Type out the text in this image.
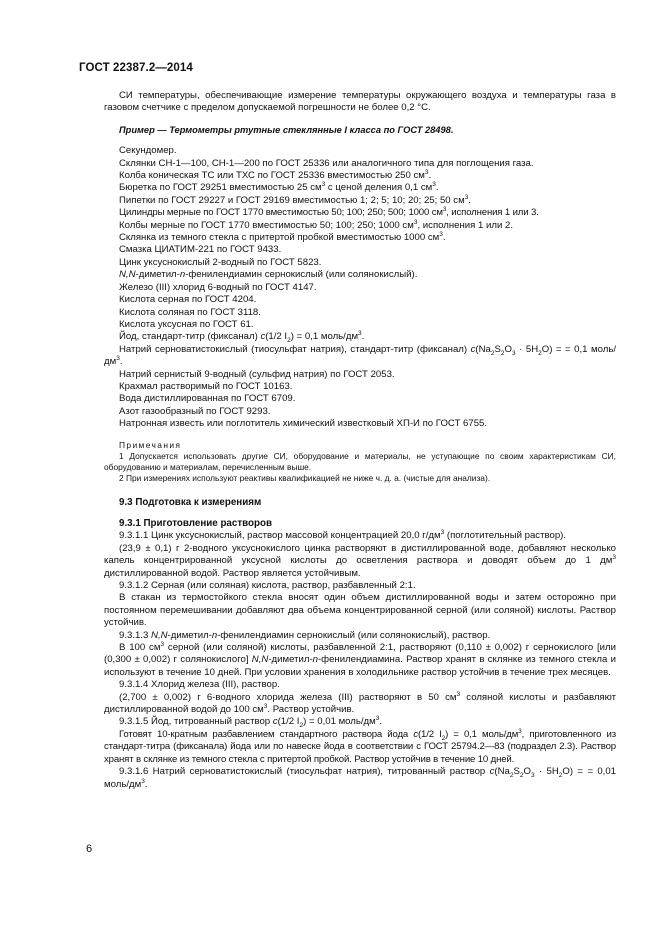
ГОСТ 22387.2—2014

СИ температуры, обеспечивающие измерение температуры окружающего воздуха и температуры газа в газовом счетчике с пределом допускаемой погрешности не более 0,2 °С.

Пример — Термометры ртутные стеклянные I класса по ГОСТ 28498.

Секундомер.

Склянки СН-1—100, СН-1—200 по ГОСТ 25336 или аналогичного типа для поглощения газа.

Колба коническая ТС или ТХС по ГОСТ 25336 вместимостью 250 $см^3$.

Бюретка по ГОСТ 29251 вместимостью 25 $см^3$ с ценой деления 0,1 $см^3$.

Пипетки по ГОСТ 29227 и ГОСТ 29169 вместимостью 1; 2; 5; 10; 20; 25; 50 $см^3$.

Цилиндры мерные по ГОСТ 1770 вместимостью 50; 100; 250; 500; 1000 $см^3$, исполнения 1 или 3.

Колбы мерные по ГОСТ 1770 вместимостью 50; 100; 250; 1000 $см^3$, исполнения 1 или 2.

Склянка из темного стекла с притертой пробкой вместимостью 1000 $см^3$.

Смазка ЦИАТИМ-221 по ГОСТ 9433.

Цинк уксуснокислый 2-водный по ГОСТ 5823.

N,N-диметил-n-фенилендиамин сернокислый (или солянокислый).

Железо (III) хлорид 6-водный по ГОСТ 4147.

Кислота серная по ГОСТ 4204.

Кислота соляная по ГОСТ 3118.

Кислота уксусная по ГОСТ 61.

Йод, стандарт-титр (фиксанал) c(1/2 $I_2) = 0,1$ моль/$дм^3$.

Натрий серноватистокислый (тиосульфат натрия), стандарт-титр (фиксанал) $c(Na_2S_2O_3 \cdot 5H_2O)$ = = 0,1 моль/$дм^3$.

Натрий сернистый 9-водный (сульфид натрия) по ГОСТ 2053.

Крахмал растворимый по ГОСТ 10163.

Вода дистиллированная по ГОСТ 6709.

Азот газообразный по ГОСТ 9293.

Натронная известь или поглотитель химический известковый ХП-И по ГОСТ 6755.

Примечания

1 Допускается использовать другие СИ, оборудование и материалы, не уступающие по своим характеристикам СИ, оборудованию и материалам, перечисленным выше.

2 При измерениях используют реактивы квалификацией не ниже ч. д. а. (чистые для анализа).

9.3 Подготовка к измерениям
9.3.1 Приготовление растворов

9.3.1.1 Цинк уксуснокислый, раствор массовой концентрацией 20,0 $г/дм^3$ (поглотительный раствор).

(23,9 ± 0,1) г 2-водного уксуснокислого цинка растворяют в дистиллированной воде, добавляют несколько капель концентрированной уксусной кислоты до осветления раствора и доводят объем до 1 $дм^3$ дистиллированной водой. Раствор является устойчивым.

9.3.1.2 Серная (или соляная) кислота, раствор, разбавленный 2:1.

В стакан из термостойкого стекла вносят один объем дистиллированной воды и затем осторожно при постоянном перемешивании добавляют два объема концентрированной серной (или соляной) кислоты. Раствор устойчив.

9.3.1.3 N,N-диметил-n-фенилендиамин сернокислый (или солянокислый), раствор.

В 100 $см^3$ серной (или соляной) кислоты, разбавленной 2:1, растворяют (0,110 ± 0,002) г сернокислого [или (0,300 ± 0,002) г солянокислого] N,N-диметил-n-фенилендиамина. Раствор хранят в склянке из темного стекла и используют в течение 10 дней. При условии хранения в холодильнике раствор устойчив в течение трех месяцев.

9.3.1.4 Хлорид железа (III), раствор.

(2,700 ± 0,002) г 6-водного хлорида железа (III) растворяют в 50 $см^3$ соляной кислоты и разбавляют дистиллированной водой до 100 $см^3$. Раствор устойчив.

9.3.1.5 Йод, титрованный раствор c(1/2 $I_2) = 0,01$ моль/$дм^3$.

Готовят 10-кратным разбавлением стандартного раствора йода c(1/2 $I_2) = 0,1$ моль/$дм^3$, приготовленного из стандарт-титра (фиксанала) йода или по навеске йода в соответствии с ГОСТ 25794.2—83 (подраздел 2.3). Раствор хранят в склянке из темного стекла с притертой пробкой. Раствор устойчив в течение 10 дней.

9.3.1.6 Натрий серноватистокислый (тиосульфат натрия), титрованный раствор $c(Na_2S_2O_3 \cdot 5H_2O)$ = = 0,01 моль/$дм^3$.

6
